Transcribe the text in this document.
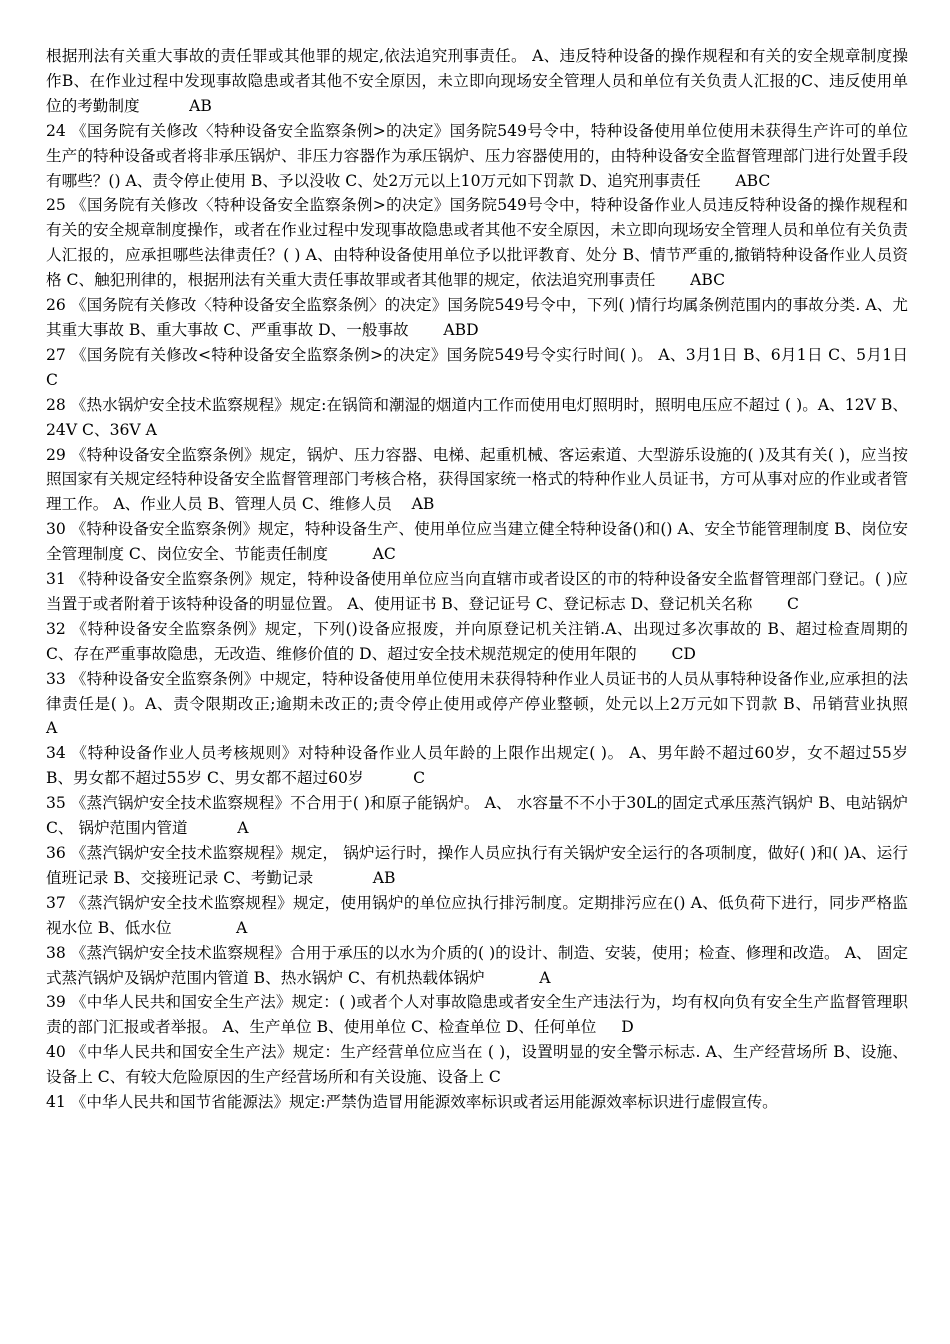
根据刑法有关重大事故的责任罪或其他罪的规定,依法追究刑事责任。 A、违反特种设备的操作规程和有关的安全规章制度操作B、在作业过程中发现事故隐患或者其他不安全原因，未立即向现场安全管理人员和单位有关负责人汇报的C、违反使用单位的考勤制度	AB

24 《国务院有关修改〈特种设备安全监察条例>的决定》国务院549号令中，特种设备使用单位使用未获得生产许可的单位生产的特种设备或者将非承压锅炉、非压力容器作为承压锅炉、压力容器使用的，由特种设备安全监督管理部门进行处置手段有哪些？() A、责令停止使用 B、予以没收 C、处2万元以上10万元如下罚款 D、追究刑事责任 ABC

25 《国务院有关修改〈特种设备安全监察条例>的决定》国务院549号令中，特种设备作业人员违反特种设备的操作规程和有关的安全规章制度操作，或者在作业过程中发现事故隐患或者其他不安全原因，未立即向现场安全管理人员和单位有关负责人汇报的，应承担哪些法律责任？( ) A、由特种设备使用单位予以批评教育、处分 B、情节严重的,撤销特种设备作业人员资格 C、触犯刑律的，根据刑法有关重大责任事故罪或者其他罪的规定，依法追究刑事责任 ABC

26 《国务院有关修改〈特种设备安全监察条例〉的决定》国务院549号令中，下列( )情行均属条例范围内的事故分类. A、尤其重大事故 B、重大事故 C、严重事故 D、一般事故 ABD

27 《国务院有关修改<特种设备安全监察条例>的决定》国务院549号令实行时间( )。 A、3月1日 B、6月1日 C、5月1日          C

28 《热水锅炉安全技术监察规程》规定:在锅筒和潮湿的烟道内工作而使用电灯照明时，照明电压应不超过 ( )。A、12V B、24V C、36V A

29 《特种设备安全监察条例》规定，锅炉、压力容器、电梯、起重机械、客运索道、大型游乐设施的( )及其有关( )，应当按照国家有关规定经特种设备安全监督管理部门考核合格，获得国家统一格式的特种作业人员证书，方可从事对应的作业或者管理工作。 A、作业人员 B、管理人员 C、维修人员 AB

30 《特种设备安全监察条例》规定，特种设备生产、使用单位应当建立健全特种设备()和() A、安全节能管理制度 B、岗位安全管理制度 C、岗位安全、节能责任制度	AC

31 《特种设备安全监察条例》规定，特种设备使用单位应当向直辖市或者设区的市的特种设备安全监督管理部门登记。( )应当置于或者附着于该特种设备的明显位置。 A、使用证书 B、登记证号 C、登记标志 D、登记机关名称 C

32 《特种设备安全监察条例》规定，下列()设备应报废，并向原登记机关注销.A、出现过多次事故的 B、超过检查周期的 C、存在严重事故隐患，无改造、维修价值的 D、超过安全技术规范规定的使用年限的 CD

33 《特种设备安全监察条例》中规定，特种设备使用单位使用未获得特种作业人员证书的人员从事特种设备作业,应承担的法律责任是( )。A、责令限期改正;逾期未改正的;责令停止使用或停产停业整顿，处元以上2万元如下罚款 B、吊销营业执照             A

34 《特种设备作业人员考核规则》对特种设备作业人员年龄的上限作出规定( )。 A、男年龄不超过60岁，女不超过55岁 B、男女都不超过55岁 C、男女都不超过60岁	C

35 《蒸汽锅炉安全技术监察规程》不合用于( )和原子能锅炉。 A、 水容量不不小于30L的固定式承压蒸汽锅炉 B、电站锅炉 C、 锅炉范围内管道	A

36 《蒸汽锅炉安全技术监察规程》规定， 锅炉运行时，操作人员应执行有关锅炉安全运行的各项制度，做好( )和( )A、运行值班记录 B、交接班记录 C、考勤记录	AB

37 《蒸汽锅炉安全技术监察规程》规定，使用锅炉的单位应执行排污制度。定期排污应在() A、低负荷下进行，同步严格监视水位 B、低水位	A

38 《蒸汽锅炉安全技术监察规程》合用于承压的以水为介质的( )的设计、制造、安装，使用；检查、修理和改造。 A、 固定式蒸汽锅炉及锅炉范围内管道 B、热水锅炉 C、有机热载体锅炉	A

39 《中华人民共和国安全生产法》规定：( )或者个人对事故隐患或者安全生产违法行为，均有权向负有安全生产监督管理职责的部门汇报或者举报。 A、生产单位 B、使用单位 C、检查单位 D、任何单位 D

40 《中华人民共和国安全生产法》规定：生产经营单位应当在 ( )，设置明显的安全警示标志. A、生产经营场所 B、设施、设备上 C、有较大危险原因的生产经营场所和有关设施、设备上 C

41 《中华人民共和国节省能源法》规定:严禁伪造冒用能源效率标识或者运用能源效率标识进行虚假宣传。
